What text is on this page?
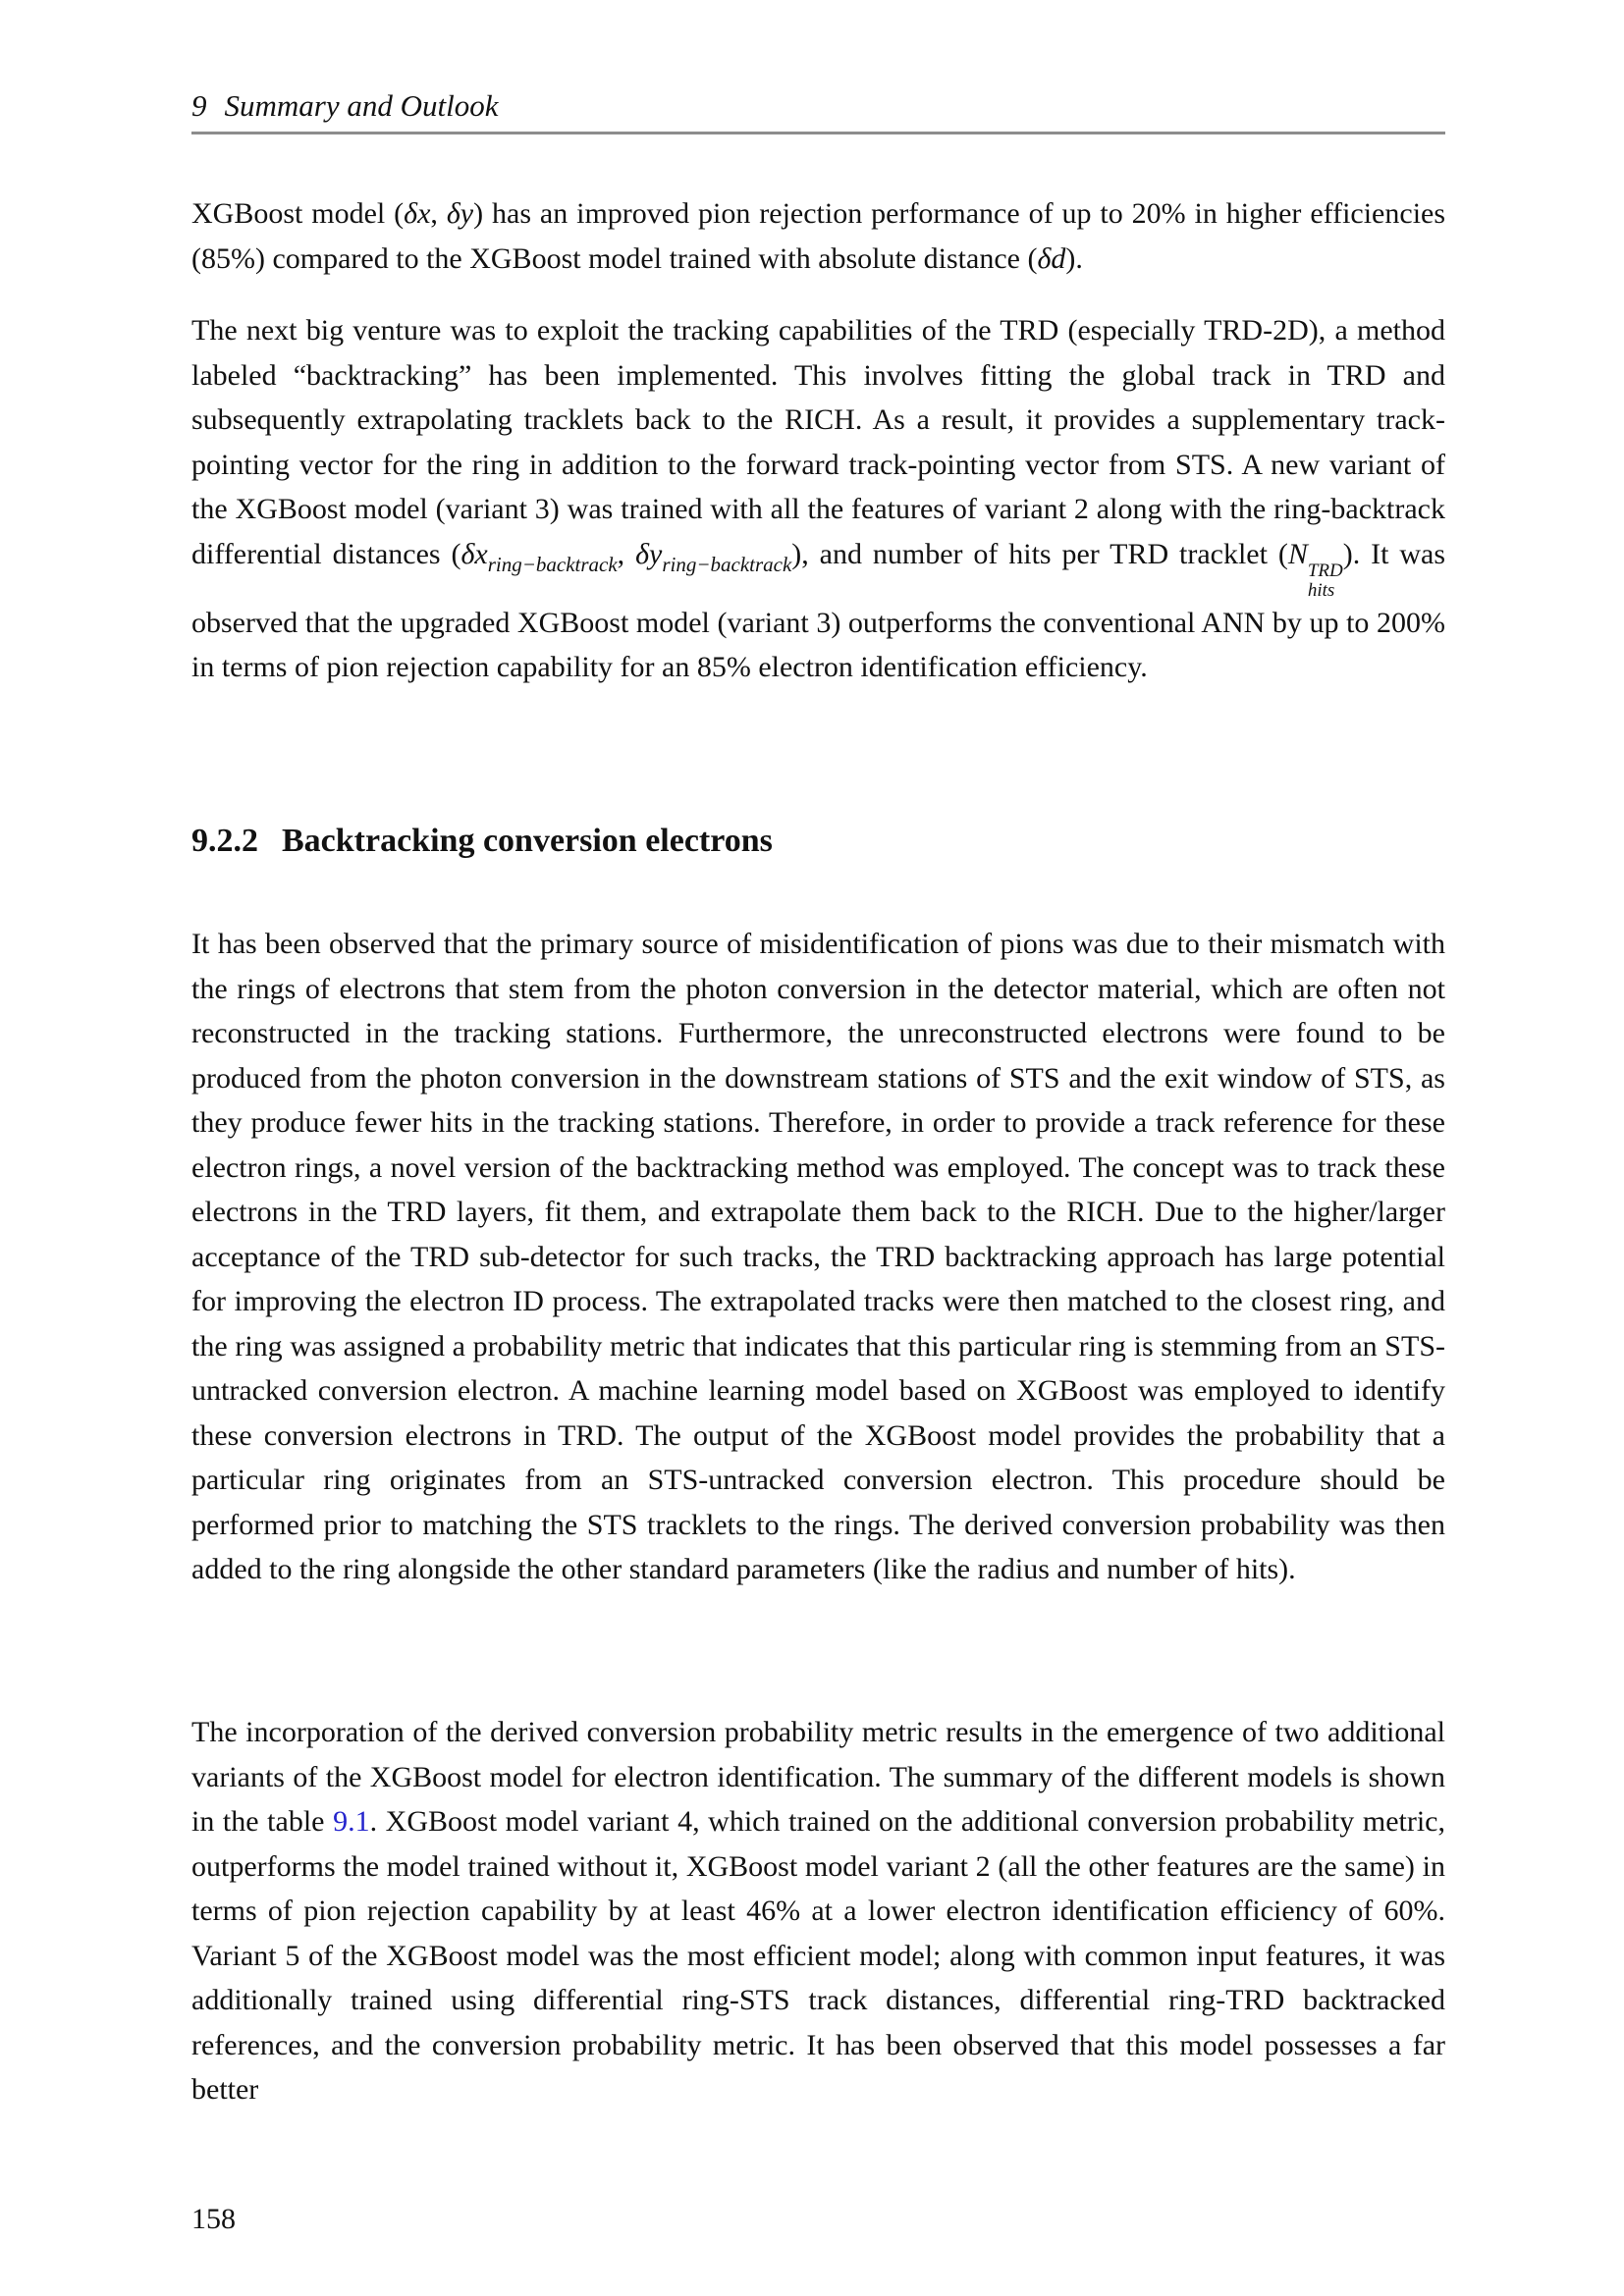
9 Summary and Outlook

XGBoost model (δx, δy) has an improved pion rejection performance of up to 20% in higher efficiencies (85%) compared to the XGBoost model trained with absolute distance (δd).

The next big venture was to exploit the tracking capabilities of the TRD (especially TRD-2D), a method labeled “backtracking” has been implemented. This involves fitting the global track in TRD and subsequently extrapolating tracklets back to the RICH. As a result, it provides a supplementary track-pointing vector for the ring in addition to the forward track-pointing vector from STS. A new variant of the XGBoost model (variant 3) was trained with all the features of variant 2 along with the ring-backtrack differential distances ($\delta x_{ring-backtrack}$, $\delta y_{ring-backtrack}$), and number of hits per TRD tracklet (N
TRD
hits
). It was observed that the upgraded XGBoost model (variant 3) outperforms the conventional ANN by up to 200% in terms of pion rejection capability for an 85% electron identification efficiency.

9.2.2 Backtracking conversion electrons

It has been observed that the primary source of misidentification of pions was due to their mismatch with the rings of electrons that stem from the photon conversion in the detector material, which are often not reconstructed in the tracking stations. Furthermore, the unreconstructed electrons were found to be produced from the photon conversion in the downstream stations of STS and the exit window of STS, as they produce fewer hits in the tracking stations. Therefore, in order to provide a track reference for these electron rings, a novel version of the backtracking method was employed. The concept was to track these electrons in the TRD layers, fit them, and extrapolate them back to the RICH. Due to the higher/larger acceptance of the TRD sub-detector for such tracks, the TRD backtracking approach has large potential for improving the electron ID process. The extrapolated tracks were then matched to the closest ring, and the ring was assigned a probability metric that indicates that this particular ring is stemming from an STS-untracked conversion electron. A machine learning model based on XGBoost was employed to identify these conversion electrons in TRD. The output of the XGBoost model provides the probability that a particular ring originates from an STS-untracked conversion electron. This procedure should be performed prior to matching the STS tracklets to the rings. The derived conversion probability was then added to the ring alongside the other standard parameters (like the radius and number of hits).

The incorporation of the derived conversion probability metric results in the emergence of two additional variants of the XGBoost model for electron identification. The summary of the different models is shown in the table 9.1. XGBoost model variant 4, which trained on the additional conversion probability metric, outperforms the model trained without it, XGBoost model variant 2 (all the other features are the same) in terms of pion rejection capability by at least 46% at a lower electron identification efficiency of 60%. Variant 5 of the XGBoost model was the most efficient model; along with common input features, it was additionally trained using differential ring-STS track distances, differential ring-TRD backtracked references, and the conversion probability metric. It has been observed that this model possesses a far better

158
